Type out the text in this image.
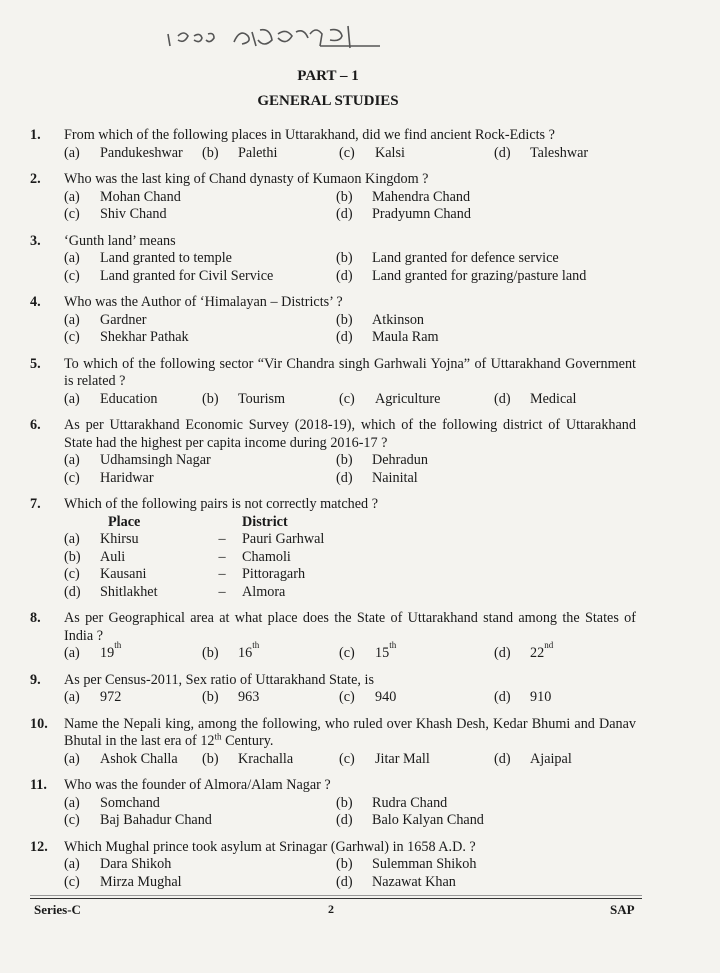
PART – 1
GENERAL STUDIES
1.	From which of the following places in Uttarakhand, did we find ancient Rock-Edicts ?
(a)	Pandukeshwar (b)	Palethi	(c)	Kalsi	(d)	Taleshwar
2.	Who was the last king of Chand dynasty of Kumaon Kingdom ?
(a)	Mohan Chand	(b)	Mahendra Chand
(c)	Shiv Chand	(d)	Pradyumn Chand
3.	‘Gunth land’ means
(a)	Land granted to temple	(b)	Land granted for defence service
(c)	Land granted for Civil Service	(d)	Land granted for grazing/pasture land
4.	Who was the Author of ‘Himalayan – Districts’ ?
(a)	Gardner	(b)	Atkinson
(c)	Shekhar Pathak	(d)	Maula Ram
5.	To which of the following sector “Vir Chandra singh Garhwali Yojna” of Uttarakhand Government is related ?
(a)	Education	(b)	Tourism	(c)	Agriculture	(d)	Medical
6.	As per Uttarakhand Economic Survey (2018-19), which of the following district of Uttarakhand State had the highest per capita income during 2016-17 ?
(a)	Udhamsingh Nagar	(b)	Dehradun
(c)	Haridwar	(d)	Nainital
7.	Which of the following pairs is not correctly matched ?
Place	District
(a)	Khirsu	–	Pauri Garhwal
(b)	Auli	–	Chamoli
(c)	Kausani	–	Pittoragarh
(d)	Shitlakhet	–	Almora
8.	As per Geographical area at what place does the State of Uttarakhand stand among the States of India ?
(a)	19 th	(b)	16 th	(c)	15 th	(d)	22 nd
9.	As per Census-2011, Sex ratio of Uttarakhand State, is
(a)	972	(b)	963	(c)	940	(d)	910
10.	Name the Nepali king, among the following, who ruled over Khash Desh, Kedar Bhumi and Danav Bhutal in the last era of 12th Century.
(a)	Ashok Challa (b)	Krachalla	(c)	Jitar Mall	(d)	Ajaipal
11.	Who was the founder of Almora/Alam Nagar ?
(a)	Somchand	(b)	Rudra Chand
(c)	Baj Bahadur Chand	(d)	Balo Kalyan Chand
12.	Which Mughal prince took asylum at Srinagar (Garhwal) in 1658 A.D. ?
(a)	Dara Shikoh	(b)	Sulemman Shikoh
(c)	Mirza Mughal	(d)	Nazawat Khan
Series-C	2	SAP
